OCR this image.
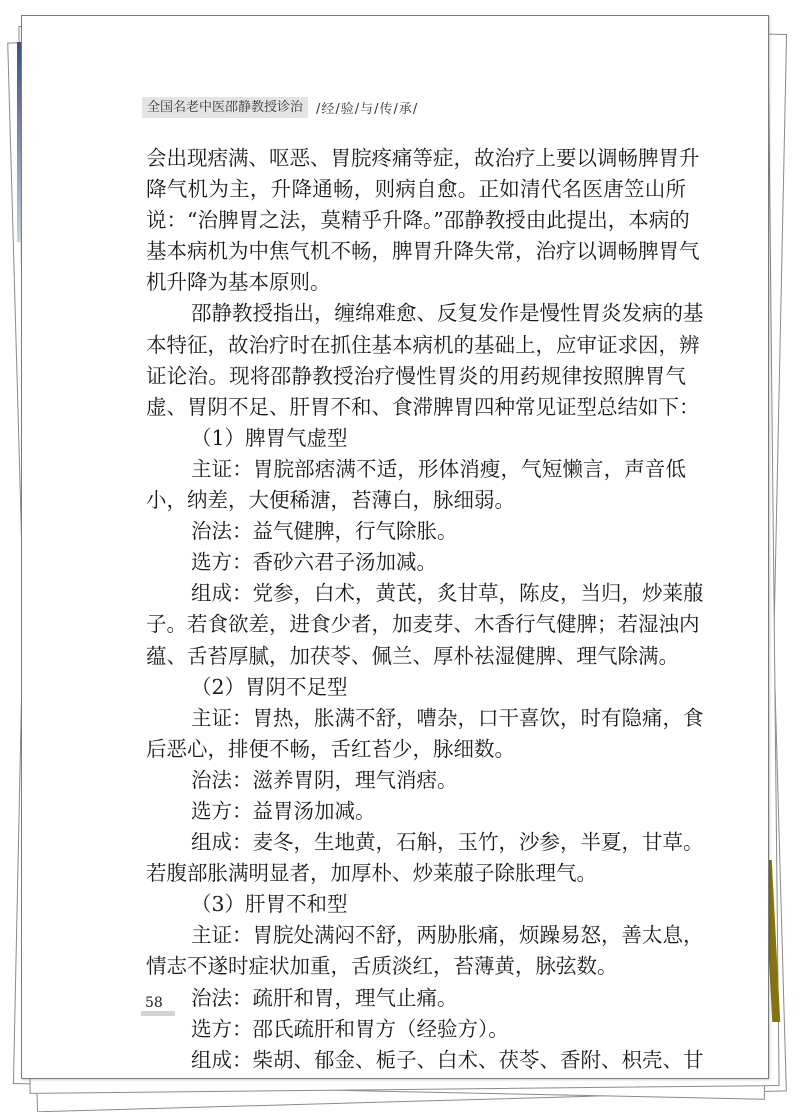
全国名老中医邵静教授诊治	/经/验/与/传/承/
会出现痞满、呕恶、胃脘疼痛等症，故治疗上要以调畅脾胃升
降气机为主，升降通畅，则病自愈。正如清代名医唐笠山所
说：“治脾胃之法，莫精乎升降。”邵静教授由此提出，本病的
基本病机为中焦气机不畅，脾胃升降失常，治疗以调畅脾胃气
机升降为基本原则。
邵静教授指出，缠绵难愈、反复发作是慢性胃炎发病的基
本特征，故治疗时在抓住基本病机的基础上，应审证求因，辨
证论治。现将邵静教授治疗慢性胃炎的用药规律按照脾胃气
虚、胃阴不足、肝胃不和、食滞脾胃四种常见证型总结如下：
（1）脾胃气虚型
主证：胃脘部痞满不适，形体消瘦，气短懒言，声音低
小，纳差，大便稀溏，苔薄白，脉细弱。
治法：益气健脾，行气除胀。
选方：香砂六君子汤加减。
组成：党参，白术，黄芪，炙甘草，陈皮，当归，炒莱菔
子。若食欲差，进食少者，加麦芽、木香行气健脾；若湿浊内
蕴、舌苔厚腻，加茯苓、佩兰、厚朴祛湿健脾、理气除满。
（2）胃阴不足型
主证：胃热，胀满不舒，嘈杂，口干喜饮，时有隐痛，食
后恶心，排便不畅，舌红苔少，脉细数。
治法：滋养胃阴，理气消痞。
选方：益胃汤加减。
组成：麦冬，生地黄，石斛，玉竹，沙参，半夏，甘草。
若腹部胀满明显者，加厚朴、炒莱菔子除胀理气。
（3）肝胃不和型
主证：胃脘处满闷不舒，两胁胀痛，烦躁易怒，善太息，
情志不遂时症状加重，舌质淡红，苔薄黄，脉弦数。
治法：疏肝和胃，理气止痛。
选方：邵氏疏肝和胃方（经验方）。
组成：柴胡、郁金、栀子、白术、茯苓、香附、枳壳、甘
58
